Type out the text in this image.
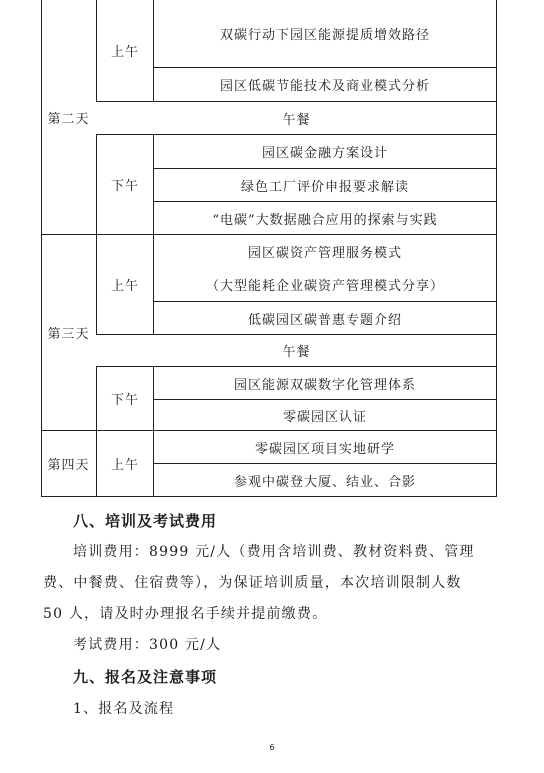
第二天
第三天
第四天
上午
双碳行动下园区能源提质增效路径
园区低碳节能技术及商业模式分析
午餐
下午
园区碳金融方案设计
绿色工厂评价申报要求解读
“电碳”大数据融合应用的探索与实践
上午
园区碳资产管理服务模式
（大型能耗企业碳资产管理模式分享）
低碳园区碳普惠专题介绍
午餐
下午
园区能源双碳数字化管理体系
零碳园区认证
上午
零碳园区项目实地研学
参观中碳登大厦、结业、合影
八、培训及考试费用
培训费用：8999 元/人（费用含培训费、教材资料费、管理
费、中餐费、住宿费等），为保证培训质量，本次培训限制人数
50 人，请及时办理报名手续并提前缴费。
考试费用：300 元/人
九、报名及注意事项
1、报名及流程
6
